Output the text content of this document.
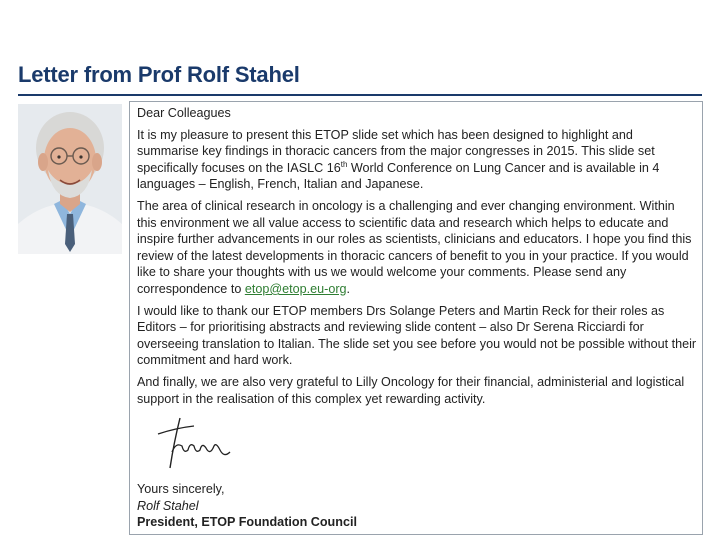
Letter from Prof Rolf Stahel

Dear Colleagues

It is my pleasure to present this ETOP slide set which has been designed to highlight and summarise key findings in thoracic cancers from the major congresses in 2015. This slide set specifically focuses on the IASLC 16th World Conference on Lung Cancer and is available in 4 languages – English, French, Italian and Japanese.

The area of clinical research in oncology is a challenging and ever changing environment. Within this environment we all value access to scientific data and research which helps to educate and inspire further advancements in our roles as scientists, clinicians and educators. I hope you find this review of the latest developments in thoracic cancers of benefit to you in your practice. If you would like to share your thoughts with us we would welcome your comments. Please send any correspondence to etop@etop.eu-org.

I would like to thank our ETOP members Drs Solange Peters and Martin Reck for their roles as Editors – for prioritising abstracts and reviewing slide content – also Dr Serena Ricciardi for overseeing translation to Italian. The slide set you see before you would not be possible without their commitment and hard work.

And finally, we are also very grateful to Lilly Oncology for their financial, administerial and logistical support in the realisation of this complex yet rewarding activity.

Yours sincerely,
Rolf Stahel
President, ETOP Foundation Council
